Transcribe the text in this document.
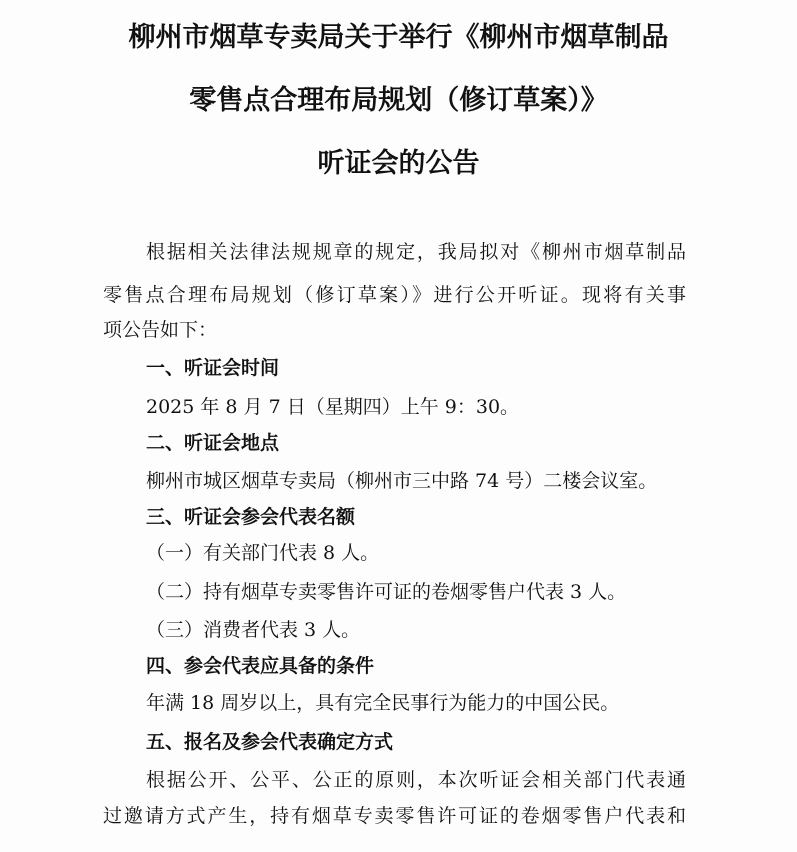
柳州市烟草专卖局关于举行《柳州市烟草制品
零售点合理布局规划（修订草案）》
听证会的公告
根据相关法律法规规章的规定，我局拟对《柳州市烟草制品
零售点合理布局规划（修订草案）》进行公开听证。现将有关事
项公告如下：
一、听证会时间
2025 年 8 月 7 日（星期四）上午 9：30。
二、听证会地点
柳州市城区烟草专卖局（柳州市三中路 74 号）二楼会议室。
三、听证会参会代表名额
（一）有关部门代表 8 人。
（二）持有烟草专卖零售许可证的卷烟零售户代表 3 人。
（三）消费者代表 3 人。
四、参会代表应具备的条件
年满 18 周岁以上，具有完全民事行为能力的中国公民。
五、报名及参会代表确定方式
根据公开、公平、公正的原则，本次听证会相关部门代表通
过邀请方式产生，持有烟草专卖零售许可证的卷烟零售户代表和
